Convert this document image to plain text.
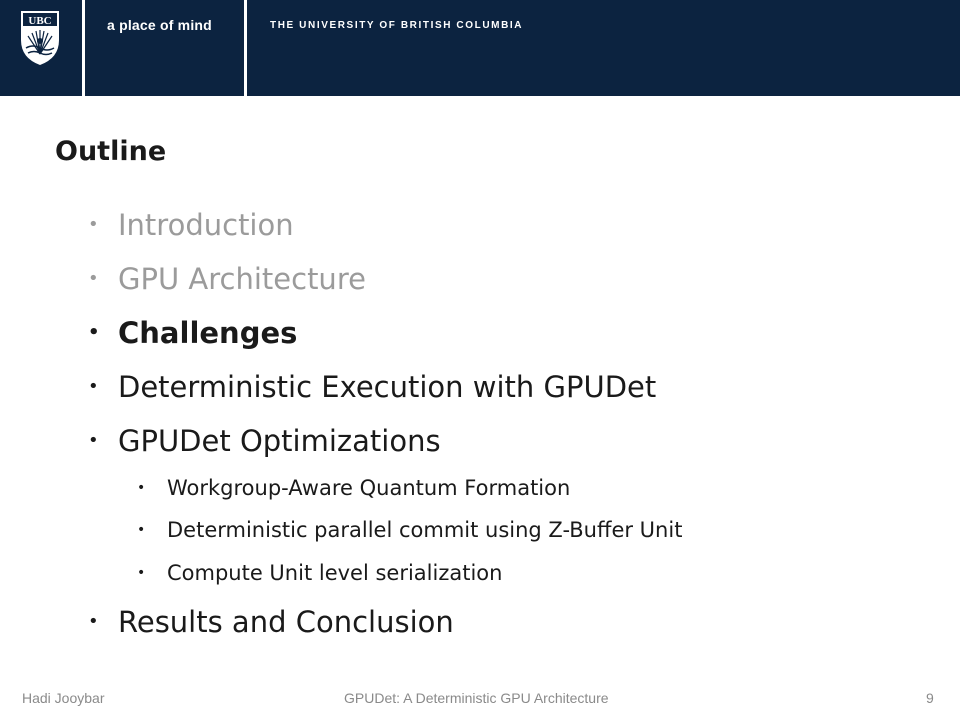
UBC	a place of mind	THE UNIVERSITY OF BRITISH COLUMBIA
Outline
• Introduction
• GPU Architecture
• Challenges
• Deterministic Execution with GPUDet
• GPUDet Optimizations
• Workgroup-Aware Quantum Formation
• Deterministic parallel commit using Z-Buffer Unit
• Compute Unit level serialization
• Results and Conclusion
Hadi Jooybar	GPUDet: A Deterministic GPU Architecture	9
